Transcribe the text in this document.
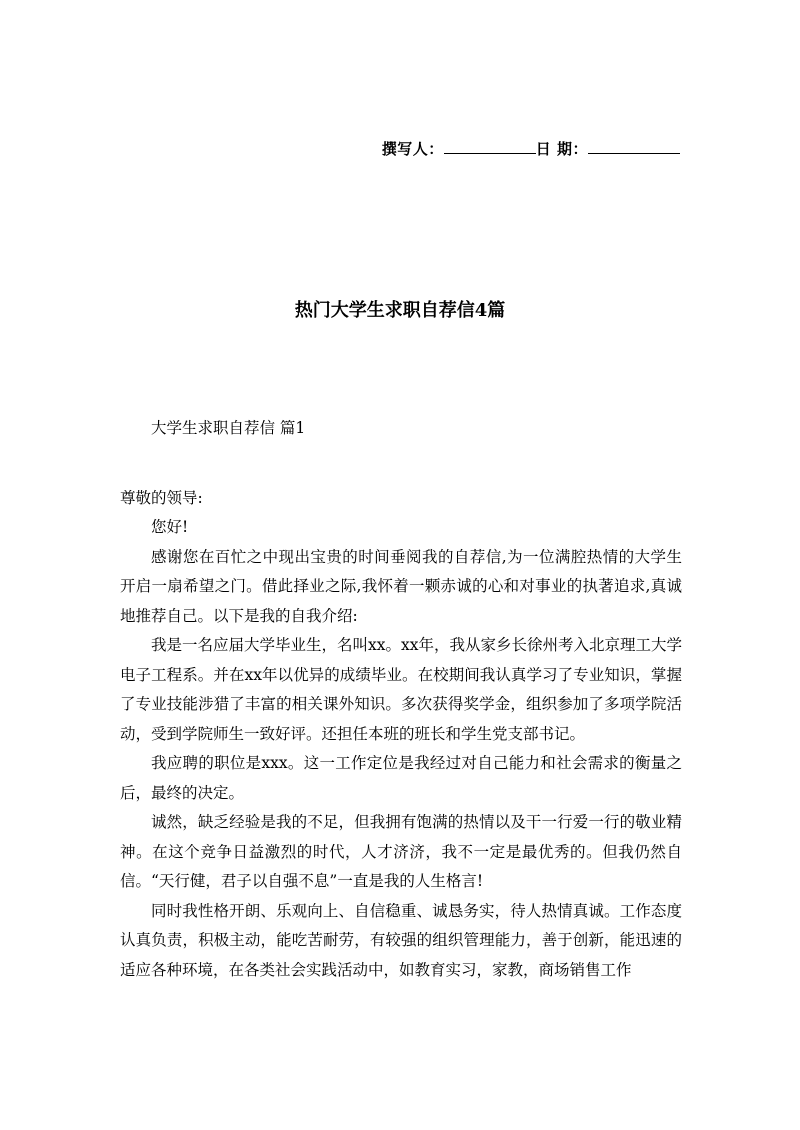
撰写人：	日 期：
热门大学生求职自荐信4篇

大学生求职自荐信 篇1

尊敬的领导:

您好!

感谢您在百忙之中现出宝贵的时间垂阅我的自荐信,为一位满腔热情的大学生开启一扇希望之门。借此择业之际,我怀着一颗赤诚的心和对事业的执著追求,真诚地推荐自己。以下是我的自我介绍:

我是一名应届大学毕业生，名叫xx。xx年，我从家乡长徐州考入北京理工大学电子工程系。并在xx年以优异的成绩毕业。在校期间我认真学习了专业知识，掌握了专业技能涉猎了丰富的相关课外知识。多次获得奖学金，组织参加了多项学院活动，受到学院师生一致好评。还担任本班的班长和学生党支部书记。

我应聘的职位是xxx。这一工作定位是我经过对自己能力和社会需求的衡量之后，最终的决定。

诚然，缺乏经验是我的不足，但我拥有饱满的热情以及干一行爱一行的敬业精神。在这个竞争日益激烈的时代，人才济济，我不一定是最优秀的。但我仍然自信。“天行健，君子以自强不息”一直是我的人生格言!

同时我性格开朗、乐观向上、自信稳重、诚恳务实，待人热情真诚。工作态度认真负责，积极主动，能吃苦耐劳，有较强的组织管理能力，善于创新，能迅速的适应各种环境，在各类社会实践活动中，如教育实习，家教，商场销售工作
